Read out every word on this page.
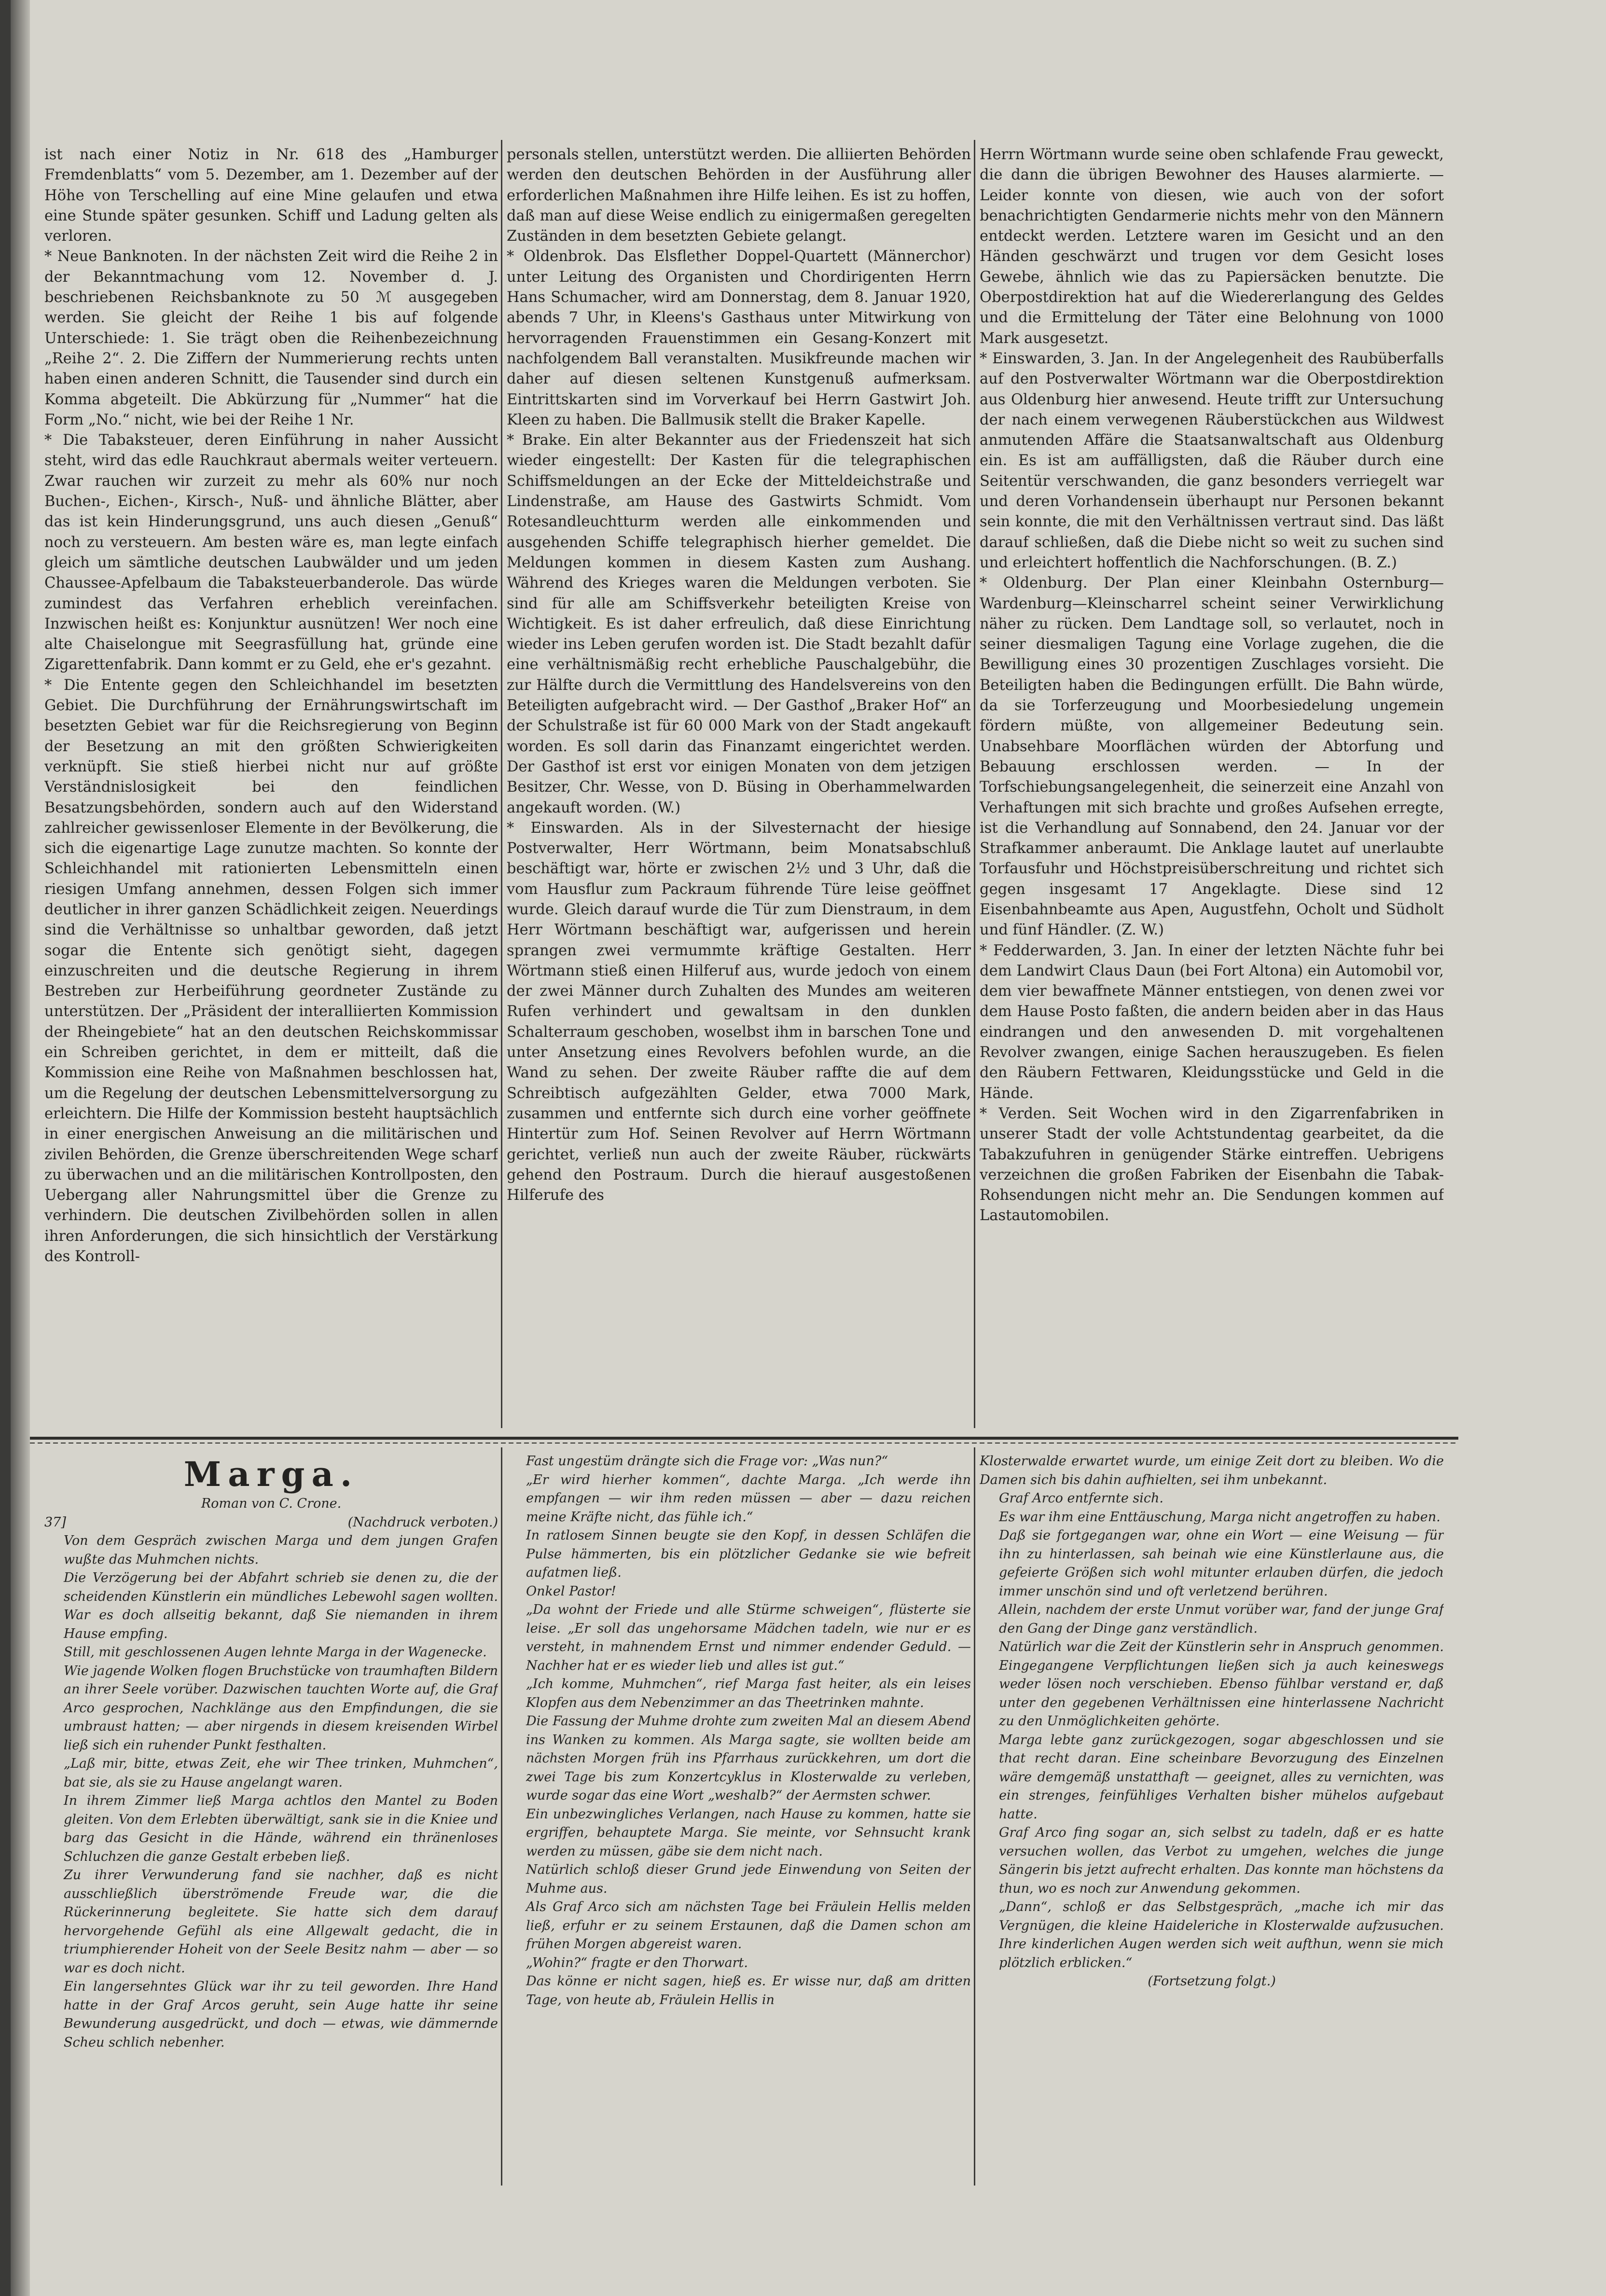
ist nach einer Notiz in Nr. 618 des „Hamburger Fremdenblatts“ vom 5. Dezember, am 1. Dezember auf der Höhe von Terschelling auf eine Mine gelaufen und etwa eine Stunde später gesunken. Schiff und Ladung gelten als verloren.

* Neue Banknoten. In der nächsten Zeit wird die Reihe 2 in der Bekanntmachung vom 12. November d. J. beschriebenen Reichsbanknote zu 50 ℳ ausgegeben werden. Sie gleicht der Reihe 1 bis auf folgende Unterschiede: 1. Sie trägt oben die Reihenbezeichnung „Reihe 2“. 2. Die Ziffern der Nummerierung rechts unten haben einen anderen Schnitt, die Tausender sind durch ein Komma abgeteilt. Die Abkürzung für „Nummer“ hat die Form „No.“ nicht, wie bei der Reihe 1 Nr.

* Die Tabaksteuer, deren Einführung in naher Aussicht steht, wird das edle Rauchkraut abermals weiter verteuern. Zwar rauchen wir zurzeit zu mehr als 60% nur noch Buchen-, Eichen-, Kirsch-, Nuß- und ähnliche Blätter, aber das ist kein Hinderungsgrund, uns auch diesen „Genuß“ noch zu versteuern. Am besten wäre es, man legte einfach gleich um sämtliche deutschen Laubwälder und um jeden Chaussee-Apfelbaum die Tabaksteuerbanderole. Das würde zumindest das Verfahren erheblich vereinfachen. Inzwischen heißt es: Konjunktur ausnützen! Wer noch eine alte Chaiselongue mit Seegrasfüllung hat, gründe eine Zigarettenfabrik. Dann kommt er zu Geld, ehe er's gezahnt.

* Die Entente gegen den Schleichhandel im besetzten Gebiet. Die Durchführung der Ernährungswirtschaft im besetzten Gebiet war für die Reichsregierung von Beginn der Besetzung an mit den größten Schwierigkeiten verknüpft. Sie stieß hierbei nicht nur auf größte Verständnislosigkeit bei den feindlichen Besatzungsbehörden, sondern auch auf den Widerstand zahlreicher gewissenloser Elemente in der Bevölkerung, die sich die eigenartige Lage zunutze machten. So konnte der Schleichhandel mit rationierten Lebensmitteln einen riesigen Umfang annehmen, dessen Folgen sich immer deutlicher in ihrer ganzen Schädlichkeit zeigen. Neuerdings sind die Verhältnisse so unhaltbar geworden, daß jetzt sogar die Entente sich genötigt sieht, dagegen einzuschreiten und die deutsche Regierung in ihrem Bestreben zur Herbeiführung geordneter Zustände zu unterstützen. Der „Präsident der interalliierten Kommission der Rheingebiete“ hat an den deutschen Reichskommissar ein Schreiben gerichtet, in dem er mitteilt, daß die Kommission eine Reihe von Maßnahmen beschlossen hat, um die Regelung der deutschen Lebensmittelversorgung zu erleichtern. Die Hilfe der Kommission besteht hauptsächlich in einer energischen Anweisung an die militärischen und zivilen Behörden, die Grenze überschreitenden Wege scharf zu überwachen und an die militärischen Kontrollposten, den Uebergang aller Nahrungsmittel über die Grenze zu verhindern. Die deutschen Zivilbehörden sollen in allen ihren Anforderungen, die sich hinsichtlich der Verstärkung des Kontroll-

personals stellen, unterstützt werden. Die alliierten Behörden werden den deutschen Behörden in der Ausführung aller erforderlichen Maßnahmen ihre Hilfe leihen. Es ist zu hoffen, daß man auf diese Weise endlich zu einigermaßen geregelten Zuständen in dem besetzten Gebiete gelangt.

* Oldenbrok. Das Elsflether Doppel-Quartett (Männerchor) unter Leitung des Organisten und Chordirigenten Herrn Hans Schumacher, wird am Donnerstag, dem 8. Januar 1920, abends 7 Uhr, in Kleens's Gasthaus unter Mitwirkung von hervorragenden Frauenstimmen ein Gesang-Konzert mit nachfolgendem Ball veranstalten. Musikfreunde machen wir daher auf diesen seltenen Kunstgenuß aufmerksam. Eintrittskarten sind im Vorverkauf bei Herrn Gastwirt Joh. Kleen zu haben. Die Ballmusik stellt die Braker Kapelle.

* Brake. Ein alter Bekannter aus der Friedenszeit hat sich wieder eingestellt: Der Kasten für die telegraphischen Schiffsmeldungen an der Ecke der Mitteldeichstraße und Lindenstraße, am Hause des Gastwirts Schmidt. Vom Rotesandleuchtturm werden alle einkommenden und ausgehenden Schiffe telegraphisch hierher gemeldet. Die Meldungen kommen in diesem Kasten zum Aushang. Während des Krieges waren die Meldungen verboten. Sie sind für alle am Schiffsverkehr beteiligten Kreise von Wichtigkeit. Es ist daher erfreulich, daß diese Einrichtung wieder ins Leben gerufen worden ist. Die Stadt bezahlt dafür eine verhältnismäßig recht erhebliche Pauschalgebühr, die zur Hälfte durch die Vermittlung des Handelsvereins von den Beteiligten aufgebracht wird. — Der Gasthof „Braker Hof“ an der Schulstraße ist für 60 000 Mark von der Stadt angekauft worden. Es soll darin das Finanzamt eingerichtet werden. Der Gasthof ist erst vor einigen Monaten von dem jetzigen Besitzer, Chr. Wesse, von D. Büsing in Oberhammelwarden angekauft worden. (W.)

* Einswarden. Als in der Silvesternacht der hiesige Postverwalter, Herr Wörtmann, beim Monatsabschluß beschäftigt war, hörte er zwischen 2½ und 3 Uhr, daß die vom Hausflur zum Packraum führende Türe leise geöffnet wurde. Gleich darauf wurde die Tür zum Dienstraum, in dem Herr Wörtmann beschäftigt war, aufgerissen und herein sprangen zwei vermummte kräftige Gestalten. Herr Wörtmann stieß einen Hilferuf aus, wurde jedoch von einem der zwei Männer durch Zuhalten des Mundes am weiteren Rufen verhindert und gewaltsam in den dunklen Schalterraum geschoben, woselbst ihm in barschen Tone und unter Ansetzung eines Revolvers befohlen wurde, an die Wand zu sehen. Der zweite Räuber raffte die auf dem Schreibtisch aufgezählten Gelder, etwa 7000 Mark, zusammen und entfernte sich durch eine vorher geöffnete Hintertür zum Hof. Seinen Revolver auf Herrn Wörtmann gerichtet, verließ nun auch der zweite Räuber, rückwärts gehend den Postraum. Durch die hierauf ausgestoßenen Hilferufe des

Herrn Wörtmann wurde seine oben schlafende Frau geweckt, die dann die übrigen Bewohner des Hauses alarmierte. — Leider konnte von diesen, wie auch von der sofort benachrichtigten Gendarmerie nichts mehr von den Männern entdeckt werden. Letztere waren im Gesicht und an den Händen geschwärzt und trugen vor dem Gesicht loses Gewebe, ähnlich wie das zu Papiersäcken benutzte. Die Oberpostdirektion hat auf die Wiedererlangung des Geldes und die Ermittelung der Täter eine Belohnung von 1000 Mark ausgesetzt.

* Einswarden, 3. Jan. In der Angelegenheit des Raubüberfalls auf den Postverwalter Wörtmann war die Oberpostdirektion aus Oldenburg hier anwesend. Heute trifft zur Untersuchung der nach einem verwegenen Räuberstückchen aus Wildwest anmutenden Affäre die Staatsanwaltschaft aus Oldenburg ein. Es ist am auffälligsten, daß die Räuber durch eine Seitentür verschwanden, die ganz besonders verriegelt war und deren Vorhandensein überhaupt nur Personen bekannt sein konnte, die mit den Verhältnissen vertraut sind. Das läßt darauf schließen, daß die Diebe nicht so weit zu suchen sind und erleichtert hoffentlich die Nachforschungen. (B. Z.)

* Oldenburg. Der Plan einer Kleinbahn Osternburg—Wardenburg—Kleinscharrel scheint seiner Verwirklichung näher zu rücken. Dem Landtage soll, so verlautet, noch in seiner diesmaligen Tagung eine Vorlage zugehen, die die Bewilligung eines 30 prozentigen Zuschlages vorsieht. Die Beteiligten haben die Bedingungen erfüllt. Die Bahn würde, da sie Torferzeugung und Moorbesiedelung ungemein fördern müßte, von allgemeiner Bedeutung sein. Unabsehbare Moorflächen würden der Abtorfung und Bebauung erschlossen werden. — In der Torfschiebungsangelegenheit, die seinerzeit eine Anzahl von Verhaftungen mit sich brachte und großes Aufsehen erregte, ist die Verhandlung auf Sonnabend, den 24. Januar vor der Strafkammer anberaumt. Die Anklage lautet auf unerlaubte Torfausfuhr und Höchstpreisüberschreitung und richtet sich gegen insgesamt 17 Angeklagte. Diese sind 12 Eisenbahnbeamte aus Apen, Augustfehn, Ocholt und Südholt und fünf Händler. (Z. W.)

* Fedderwarden, 3. Jan. In einer der letzten Nächte fuhr bei dem Landwirt Claus Daun (bei Fort Altona) ein Automobil vor, dem vier bewaffnete Männer entstiegen, von denen zwei vor dem Hause Posto faßten, die andern beiden aber in das Haus eindrangen und den anwesenden D. mit vorgehaltenen Revolver zwangen, einige Sachen herauszugeben. Es fielen den Räubern Fettwaren, Kleidungsstücke und Geld in die Hände.

* Verden. Seit Wochen wird in den Zigarrenfabriken in unserer Stadt der volle Achtstundentag gearbeitet, da die Tabakzufuhren in genügender Stärke eintreffen. Uebrigens verzeichnen die großen Fabriken der Eisenbahn die Tabak-Rohsendungen nicht mehr an. Die Sendungen kommen auf Lastautomobilen.

Marga.
Roman von C. Crone.
37]	(Nachdruck verboten.)

Von dem Gespräch zwischen Marga und dem jungen Grafen wußte das Muhmchen nichts.

Die Verzögerung bei der Abfahrt schrieb sie denen zu, die der scheidenden Künstlerin ein mündliches Lebewohl sagen wollten. War es doch allseitig bekannt, daß Sie niemanden in ihrem Hause empfing.

Still, mit geschlossenen Augen lehnte Marga in der Wagenecke.

Wie jagende Wolken flogen Bruchstücke von traumhaften Bildern an ihrer Seele vorüber. Dazwischen tauchten Worte auf, die Graf Arco gesprochen, Nachklänge aus den Empfindungen, die sie umbraust hatten; — aber nirgends in diesem kreisenden Wirbel ließ sich ein ruhender Punkt festhalten.

„Laß mir, bitte, etwas Zeit, ehe wir Thee trinken, Muhmchen“, bat sie, als sie zu Hause angelangt waren.

In ihrem Zimmer ließ Marga achtlos den Mantel zu Boden gleiten. Von dem Erlebten überwältigt, sank sie in die Kniee und barg das Gesicht in die Hände, während ein thränenloses Schluchzen die ganze Gestalt erbeben ließ.

Zu ihrer Verwunderung fand sie nachher, daß es nicht ausschließlich überströmende Freude war, die die Rückerinnerung begleitete. Sie hatte sich dem darauf hervorgehende Gefühl als eine Allgewalt gedacht, die in triumphierender Hoheit von der Seele Besitz nahm — aber — so war es doch nicht.

Ein langersehntes Glück war ihr zu teil geworden. Ihre Hand hatte in der Graf Arcos geruht, sein Auge hatte ihr seine Bewunderung ausgedrückt, und doch — etwas, wie dämmernde Scheu schlich nebenher.

Fast ungestüm drängte sich die Frage vor: „Was nun?“

„Er wird hierher kommen“, dachte Marga. „Ich werde ihn empfangen — wir ihm reden müssen — aber — dazu reichen meine Kräfte nicht, das fühle ich.“

In ratlosem Sinnen beugte sie den Kopf, in dessen Schläfen die Pulse hämmerten, bis ein plötzlicher Gedanke sie wie befreit aufatmen ließ.

Onkel Pastor!

„Da wohnt der Friede und alle Stürme schweigen“, flüsterte sie leise. „Er soll das ungehorsame Mädchen tadeln, wie nur er es versteht, in mahnendem Ernst und nimmer endender Geduld. — Nachher hat er es wieder lieb und alles ist gut.“

„Ich komme, Muhmchen“, rief Marga fast heiter, als ein leises Klopfen aus dem Nebenzimmer an das Theetrinken mahnte.

Die Fassung der Muhme drohte zum zweiten Mal an diesem Abend ins Wanken zu kommen. Als Marga sagte, sie wollten beide am nächsten Morgen früh ins Pfarrhaus zurückkehren, um dort die zwei Tage bis zum Konzertcyklus in Klosterwalde zu verleben, wurde sogar das eine Wort „weshalb?“ der Aermsten schwer.

Ein unbezwingliches Verlangen, nach Hause zu kommen, hatte sie ergriffen, behauptete Marga. Sie meinte, vor Sehnsucht krank werden zu müssen, gäbe sie dem nicht nach.

Natürlich schloß dieser Grund jede Einwendung von Seiten der Muhme aus.

Als Graf Arco sich am nächsten Tage bei Fräulein Hellis melden ließ, erfuhr er zu seinem Erstaunen, daß die Damen schon am frühen Morgen abgereist waren.

„Wohin?“ fragte er den Thorwart.

Das könne er nicht sagen, hieß es. Er wisse nur, daß am dritten Tage, von heute ab, Fräulein Hellis in

Klosterwalde erwartet wurde, um einige Zeit dort zu bleiben. Wo die Damen sich bis dahin aufhielten, sei ihm unbekannt.

Graf Arco entfernte sich.

Es war ihm eine Enttäuschung, Marga nicht angetroffen zu haben.

Daß sie fortgegangen war, ohne ein Wort — eine Weisung — für ihn zu hinterlassen, sah beinah wie eine Künstlerlaune aus, die gefeierte Größen sich wohl mitunter erlauben dürfen, die jedoch immer unschön sind und oft verletzend berühren.

Allein, nachdem der erste Unmut vorüber war, fand der junge Graf den Gang der Dinge ganz verständlich.

Natürlich war die Zeit der Künstlerin sehr in Anspruch genommen. Eingegangene Verpflichtungen ließen sich ja auch keineswegs weder lösen noch verschieben. Ebenso fühlbar verstand er, daß unter den gegebenen Verhältnissen eine hinterlassene Nachricht zu den Unmöglichkeiten gehörte.

Marga lebte ganz zurückgezogen, sogar abgeschlossen und sie that recht daran. Eine scheinbare Bevorzugung des Einzelnen wäre demgemäß unstatthaft — geeignet, alles zu vernichten, was ein strenges, feinfühliges Verhalten bisher mühelos aufgebaut hatte.

Graf Arco fing sogar an, sich selbst zu tadeln, daß er es hatte versuchen wollen, das Verbot zu umgehen, welches die junge Sängerin bis jetzt aufrecht erhalten. Das konnte man höchstens da thun, wo es noch zur Anwendung gekommen.

„Dann“, schloß er das Selbstgespräch, „mache ich mir das Vergnügen, die kleine Haideleriche in Klosterwalde aufzusuchen. Ihre kinderlichen Augen werden sich weit aufthun, wenn sie mich plötzlich erblicken.“

(Fortsetzung folgt.)
